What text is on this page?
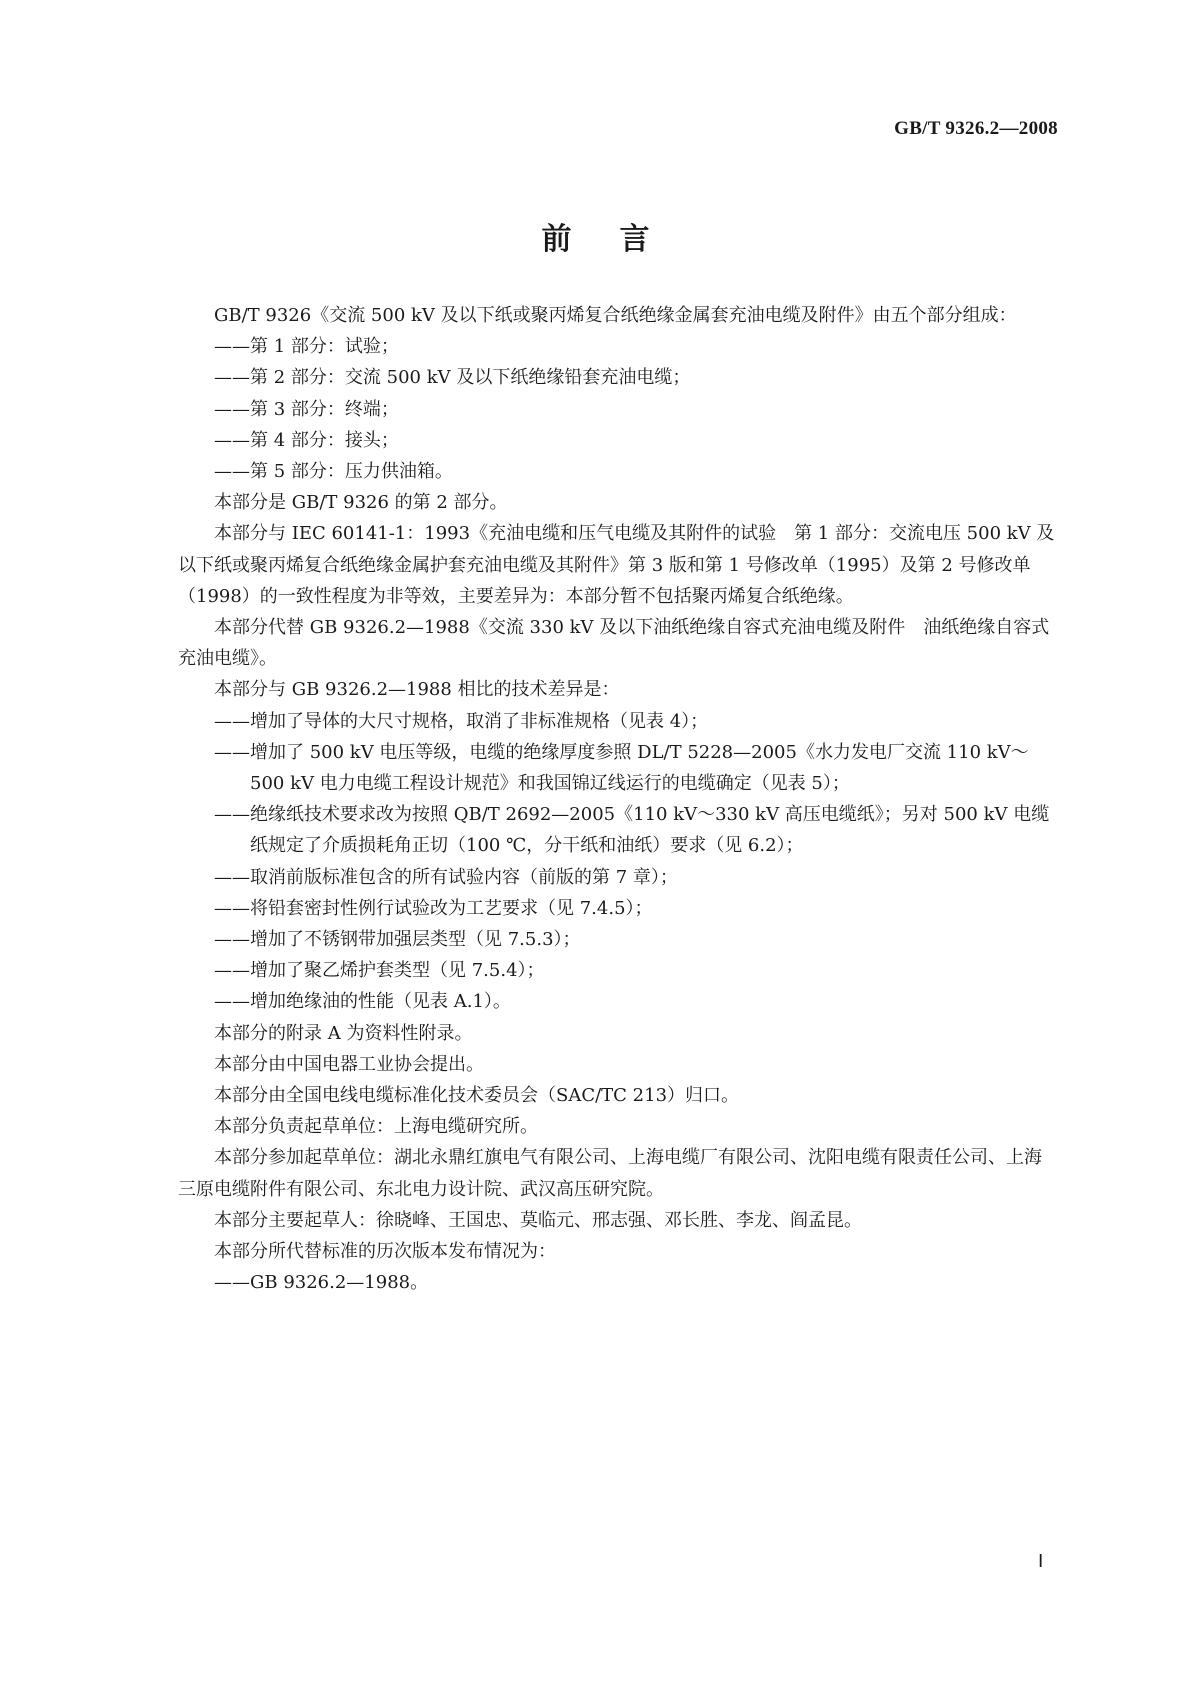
GB/T 9326.2—2008

前言

GB/T 9326《交流 500 kV 及以下纸或聚丙烯复合纸绝缘金属套充油电缆及附件》由五个部分组成：

——第 1 部分：试验；

——第 2 部分：交流 500 kV 及以下纸绝缘铅套充油电缆；

——第 3 部分：终端；

——第 4 部分：接头；

——第 5 部分：压力供油箱。

本部分是 GB/T 9326 的第 2 部分。

本部分与 IEC 60141-1：1993《充油电缆和压气电缆及其附件的试验　第 1 部分：交流电压 500 kV 及以下纸或聚丙烯复合纸绝缘金属护套充油电缆及其附件》第 3 版和第 1 号修改单（1995）及第 2 号修改单（1998）的一致性程度为非等效，主要差异为：本部分暂不包括聚丙烯复合纸绝缘。

本部分代替 GB 9326.2—1988《交流 330 kV 及以下油纸绝缘自容式充油电缆及附件　油纸绝缘自容式充油电缆》。

本部分与 GB 9326.2—1988 相比的技术差异是：

——增加了导体的大尺寸规格，取消了非标准规格（见表 4）；

——增加了 500 kV 电压等级，电缆的绝缘厚度参照 DL/T 5228—2005《水力发电厂交流 110 kV～500 kV 电力电缆工程设计规范》和我国锦辽线运行的电缆确定（见表 5）；

——绝缘纸技术要求改为按照 QB/T 2692—2005《110 kV～330 kV 高压电缆纸》；另对 500 kV 电缆纸规定了介质损耗角正切（100 ℃，分干纸和油纸）要求（见 6.2）；

——取消前版标准包含的所有试验内容（前版的第 7 章）；

——将铅套密封性例行试验改为工艺要求（见 7.4.5）；

——增加了不锈钢带加强层类型（见 7.5.3）；

——增加了聚乙烯护套类型（见 7.5.4）；

——增加绝缘油的性能（见表 A.1）。

本部分的附录 A 为资料性附录。

本部分由中国电器工业协会提出。

本部分由全国电线电缆标准化技术委员会（SAC/TC 213）归口。

本部分负责起草单位：上海电缆研究所。

本部分参加起草单位：湖北永鼎红旗电气有限公司、上海电缆厂有限公司、沈阳电缆有限责任公司、上海三原电缆附件有限公司、东北电力设计院、武汉高压研究院。

本部分主要起草人：徐晓峰、王国忠、莫临元、邢志强、邓长胜、李龙、阎孟昆。

本部分所代替标准的历次版本发布情况为：

——GB 9326.2—1988。

Ⅰ
